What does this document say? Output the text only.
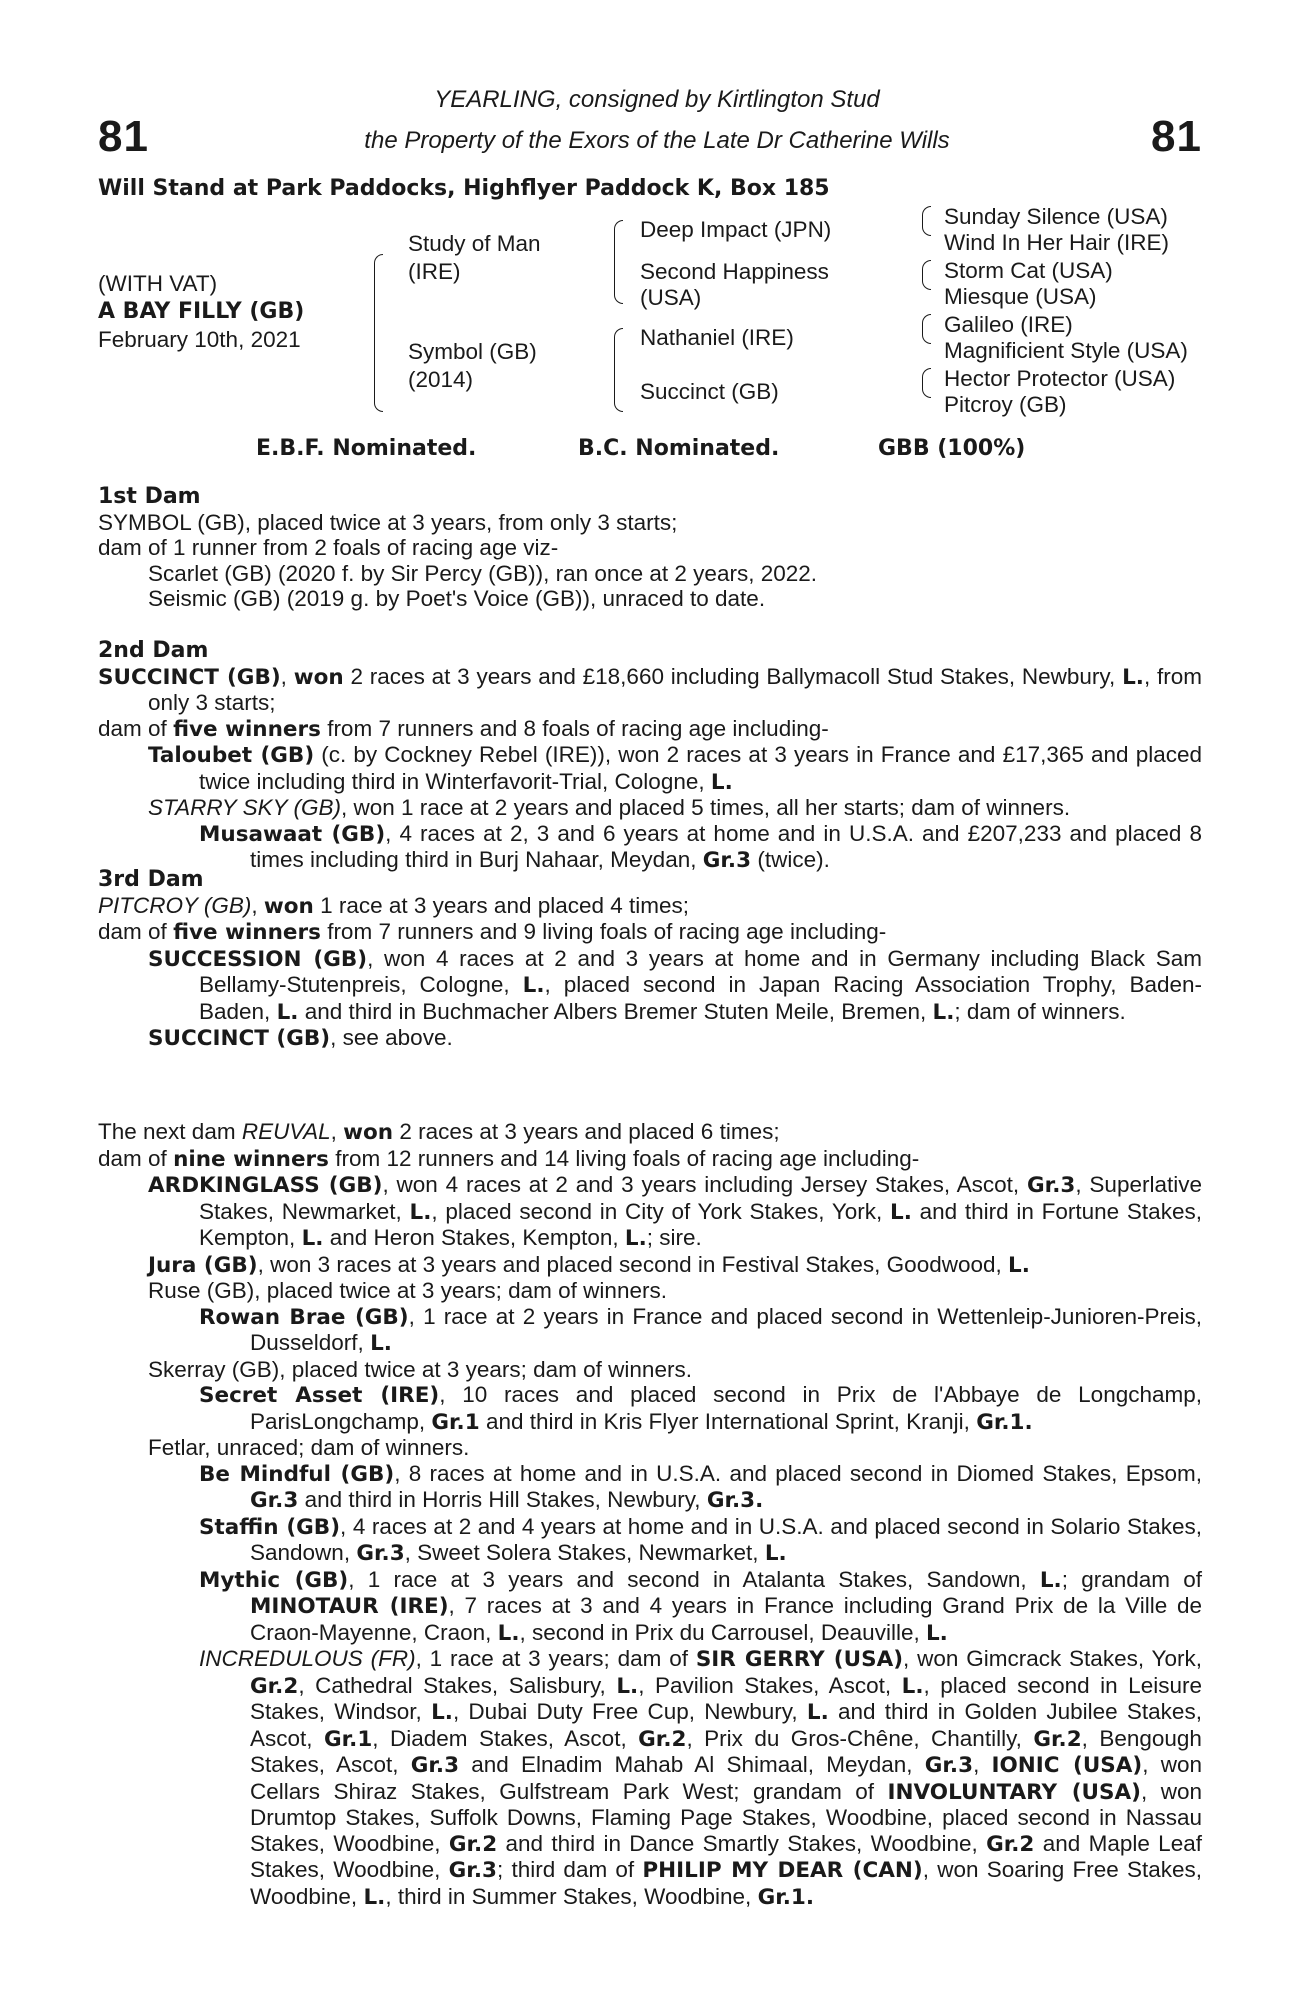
81	81
YEARLING, consigned by Kirtlington Stud
the Property of the Exors of the Late Dr Catherine Wills
Will Stand at Park Paddocks, Highflyer Paddock K, Box 185
(WITH VAT)
A BAY FILLY (GB)
February 10th, 2021
Study of Man
(IRE)
Symbol (GB)
(2014)
Deep Impact (JPN)
Second Happiness
(USA)
Nathaniel (IRE)
Succinct (GB)
Sunday Silence (USA)
Wind In Her Hair (IRE)
Storm Cat (USA)
Miesque (USA)
Galileo (IRE)
Magnificient Style (USA)
Hector Protector (USA)
Pitcroy (GB)
E.B.F. Nominated.	B.C. Nominated.	GBB (100%)

1st Dam

SYMBOL (GB), placed twice at 3 years, from only 3 starts;

dam of 1 runner from 2 foals of racing age viz-

Scarlet (GB) (2020 f. by Sir Percy (GB)), ran once at 2 years, 2022.

Seismic (GB) (2019 g. by Poet's Voice (GB)), unraced to date.

2nd Dam

SUCCINCT (GB), won 2 races at 3 years and £18,660 including Ballymacoll Stud Stakes, Newbury, L., from only 3 starts;

dam of five winners from 7 runners and 8 foals of racing age including-

Taloubet (GB) (c. by Cockney Rebel (IRE)), won 2 races at 3 years in France and £17,365 and placed twice including third in Winterfavorit-Trial, Cologne, L.

STARRY SKY (GB), won 1 race at 2 years and placed 5 times, all her starts; dam of winners.

Musawaat (GB), 4 races at 2, 3 and 6 years at home and in U.S.A. and £207,233 and placed 8 times including third in Burj Nahaar, Meydan, Gr.3 (twice).

3rd Dam

PITCROY (GB), won 1 race at 3 years and placed 4 times;

dam of five winners from 7 runners and 9 living foals of racing age including-

SUCCESSION (GB), won 4 races at 2 and 3 years at home and in Germany including Black Sam Bellamy-Stutenpreis, Cologne, L., placed second in Japan Racing Association Trophy, Baden-Baden, L. and third in Buchmacher Albers Bremer Stuten Meile, Bremen, L.; dam of winners.

SUCCINCT (GB), see above.

The next dam REUVAL, won 2 races at 3 years and placed 6 times;

dam of nine winners from 12 runners and 14 living foals of racing age including-

ARDKINGLASS (GB), won 4 races at 2 and 3 years including Jersey Stakes, Ascot, Gr.3, Superlative Stakes, Newmarket, L., placed second in City of York Stakes, York, L. and third in Fortune Stakes, Kempton, L. and Heron Stakes, Kempton, L.; sire.

Jura (GB), won 3 races at 3 years and placed second in Festival Stakes, Goodwood, L.

Ruse (GB), placed twice at 3 years; dam of winners.

Rowan Brae (GB), 1 race at 2 years in France and placed second in Wettenleip-Junioren-Preis, Dusseldorf, L.

Skerray (GB), placed twice at 3 years; dam of winners.

Secret Asset (IRE), 10 races and placed second in Prix de l'Abbaye de Longchamp, ParisLongchamp, Gr.1 and third in Kris Flyer International Sprint, Kranji, Gr.1.

Fetlar, unraced; dam of winners.

Be Mindful (GB), 8 races at home and in U.S.A. and placed second in Diomed Stakes, Epsom, Gr.3 and third in Horris Hill Stakes, Newbury, Gr.3.

Staffin (GB), 4 races at 2 and 4 years at home and in U.S.A. and placed second in Solario Stakes, Sandown, Gr.3, Sweet Solera Stakes, Newmarket, L.

Mythic (GB), 1 race at 3 years and second in Atalanta Stakes, Sandown, L.; grandam of MINOTAUR (IRE), 7 races at 3 and 4 years in France including Grand Prix de la Ville de Craon-Mayenne, Craon, L., second in Prix du Carrousel, Deauville, L.

INCREDULOUS (FR), 1 race at 3 years; dam of SIR GERRY (USA), won Gimcrack Stakes, York, Gr.2, Cathedral Stakes, Salisbury, L., Pavilion Stakes, Ascot, L., placed second in Leisure Stakes, Windsor, L., Dubai Duty Free Cup, Newbury, L. and third in Golden Jubilee Stakes, Ascot, Gr.1, Diadem Stakes, Ascot, Gr.2, Prix du Gros-Chêne, Chantilly, Gr.2, Bengough Stakes, Ascot, Gr.3 and Elnadim Mahab Al Shimaal, Meydan, Gr.3, IONIC (USA), won Cellars Shiraz Stakes, Gulfstream Park West; grandam of INVOLUNTARY (USA), won Drumtop Stakes, Suffolk Downs, Flaming Page Stakes, Woodbine, placed second in Nassau Stakes, Woodbine, Gr.2 and third in Dance Smartly Stakes, Woodbine, Gr.2 and Maple Leaf Stakes, Woodbine, Gr.3; third dam of PHILIP MY DEAR (CAN), won Soaring Free Stakes, Woodbine, L., third in Summer Stakes, Woodbine, Gr.1.
